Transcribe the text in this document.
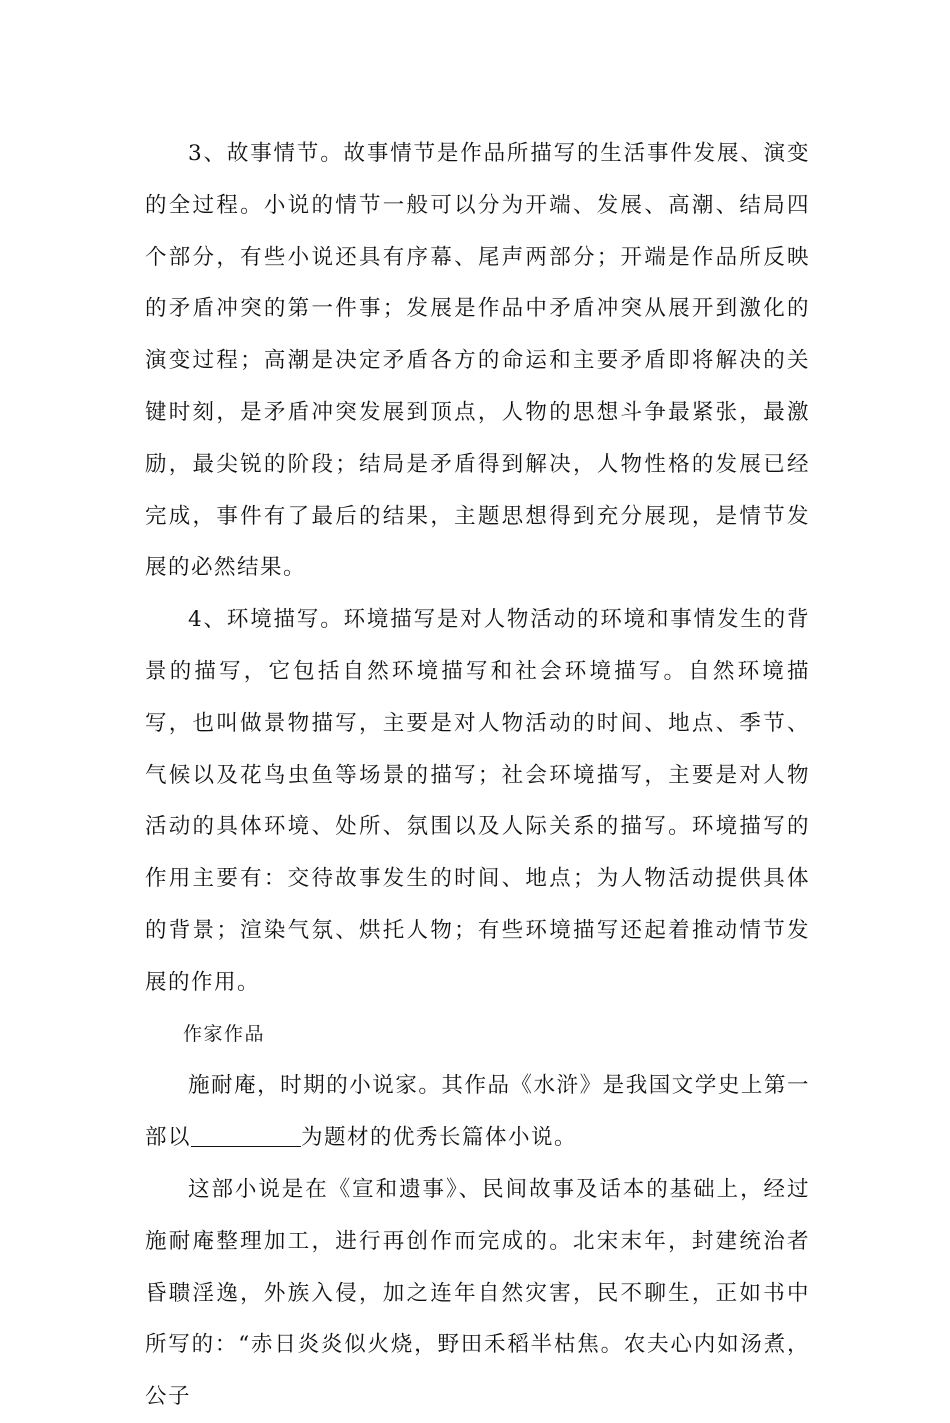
3、故事情节。故事情节是作品所描写的生活事件发展、演变的全过程。小说的情节一般可以分为开端、发展、高潮、结局四个部分，有些小说还具有序幕、尾声两部分；开端是作品所反映的矛盾冲突的第一件事；发展是作品中矛盾冲突从展开到激化的演变过程；高潮是决定矛盾各方的命运和主要矛盾即将解决的关键时刻，是矛盾冲突发展到顶点，人物的思想斗争最紧张，最激励，最尖锐的阶段；结局是矛盾得到解决，人物性格的发展已经完成，事件有了最后的结果，主题思想得到充分展现，是情节发展的必然结果。

4、环境描写。环境描写是对人物活动的环境和事情发生的背景的描写，它包括自然环境描写和社会环境描写。自然环境描写，也叫做景物描写，主要是对人物活动的时间、地点、季节、气候以及花鸟虫鱼等场景的描写；社会环境描写，主要是对人物活动的具体环境、处所、氛围以及人际关系的描写。环境描写的作用主要有：交待故事发生的时间、地点；为人物活动提供具体的背景；渲染气氛、烘托人物；有些环境描写还起着推动情节发展的作用。

作家作品

施耐庵，时期的小说家。其作品《水浒》是我国文学史上第一部以	为题材的优秀长篇体小说。

这部小说是在《宣和遗事》、民间故事及话本的基础上，经过施耐庵整理加工，进行再创作而完成的。北宋末年，封建统治者昏聩淫逸，外族入侵，加之连年自然灾害，民不聊生，正如书中所写的：“赤日炎炎似火烧，野田禾稻半枯焦。农夫心内如汤煮，公子
